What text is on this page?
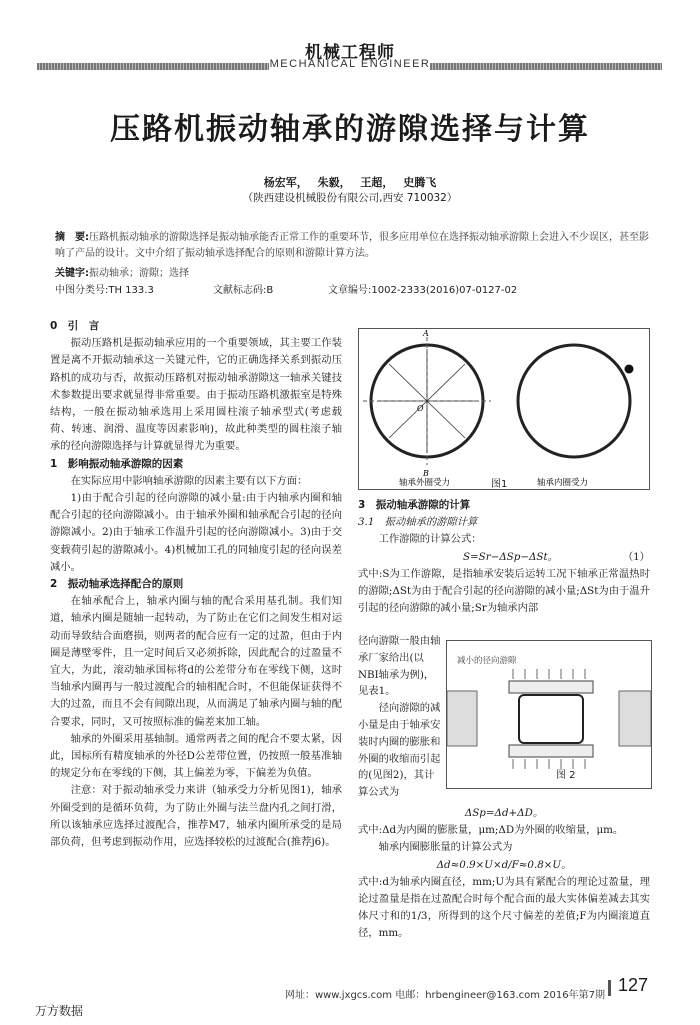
机械工程师
MECHANICAL ENGINEER
压路机振动轴承的游隙选择与计算
杨宏军， 朱毅， 王超， 史腾飞
（陕西建设机械股份有限公司,西安 710032）
摘　要:压路机振动轴承的游隙选择是振动轴承能否正常工作的重要环节，很多应用单位在选择振动轴承游隙上会进入不少误区，甚至影响了产品的设计。文中介绍了振动轴承选择配合的原则和游隙计算方法。
关键字:振动轴承；游隙；选择
中图分类号:TH 133.3	文献标志码:B	文章编号:1002-2333(2016)07-0127-02
0　引　言

振动压路机是振动轴承应用的一个重要领域，其主要工作装置是离不开振动轴承这一关键元件，它的正确选择关系到振动压路机的成功与否，故振动压路机对振动轴承游隙这一轴承关键技术参数提出要求就显得非常重要。由于振动压路机激振室是特殊结构，一般在振动轴承选用上采用圆柱滚子轴承型式(考虑载荷、转速、润滑、温度等因素影响)，故此种类型的圆柱滚子轴承的径向游隙选择与计算就显得尤为重要。

1　影响振动轴承游隙的因素

在实际应用中影响轴承游隙的因素主要有以下方面：

1)由于配合引起的径向游隙的减小量:由于内轴承内圈和轴配合引起的径向游隙减小。由于轴承外圈和轴承配合引起的径向游隙减小。2)由于轴承工作温升引起的径向游隙减小。3)由于交变载荷引起的游隙减小。4)机械加工孔的同轴度引起的径向误差减小。

2　振动轴承选择配合的原则

在轴承配合上，轴承内圈与轴的配合采用基孔制。我们知道，轴承内圈是随轴一起转动，为了防止在它们之间发生相对运动而导致结合面磨损，则两者的配合应有一定的过盈，但由于内圈是薄壁零件，且一定时间后又必须拆除，因此配合的过盈量不宜大，为此，滚动轴承国标将d的公差带分布在零线下侧，这时当轴承内圈再与一般过渡配合的轴相配合时，不但能保证获得不大的过盈，而且不会有间隙出现，从而满足了轴承内圈与轴的配合要求，同时，又可按照标准的偏差来加工轴。

轴承的外圈采用基轴制。通常两者之间的配合不要太紧，因此，国标所有精度轴承的外径D公差带位置，仍按照一般基准轴的规定分布在零线的下侧，其上偏差为零，下偏差为负值。

注意：对于振动轴承受力来讲（轴承受力分析见图1)，轴承外圈受到的是循环负荷，为了防止外圈与法兰盘内孔之间打滑，所以该轴承应选择过渡配合，推荐M7，轴承内圈所承受的是局部负荷，但考虑到振动作用，应选择较松的过渡配合(推荐j6)。

A
B
O
轴承外圈受力	轴承内圈受力
图1
3　振动轴承游隙的计算
3.1　振动轴承的游隙计算

工作游隙的计算公式：

S=Sr−ΔSp−ΔSt。	（1）

式中:S为工作游隙，是指轴承安装后运转工况下轴承正常温热时的游隙;ΔSt为由于配合引起的径向游隙的减小量;ΔSt为由于温升引起的径向游隙的减小量;Sr为轴承内部

径向游隙一般由轴承厂家给出(以NBI轴承为例)，见表1。

径向游隙的减小量是由于轴承安装时内圈的膨胀和外圈的收缩而引起的(见图2)，其计算公式为

减小的径向游隙
图 2
ΔSp=Δd+ΔD。

式中:Δd为内圈的膨胀量，μm;ΔD为外圈的收缩量，μm。

轴承内圈膨胀量的计算公式为

Δd≈0.9×U×d/F≈0.8×U。

式中:d为轴承内圈直径，mm;U为具有紧配合的理论过盈量，理论过盈量是指在过盈配合时每个配合面的最大实体偏差减去其实体尺寸和的1/3，所得到的这个尺寸偏差的差值;F为内圈滚道直径，mm。

网址：www.jxgcs.com 电邮：hrbengineer@163.com 2016年第7期
127
万方数据
